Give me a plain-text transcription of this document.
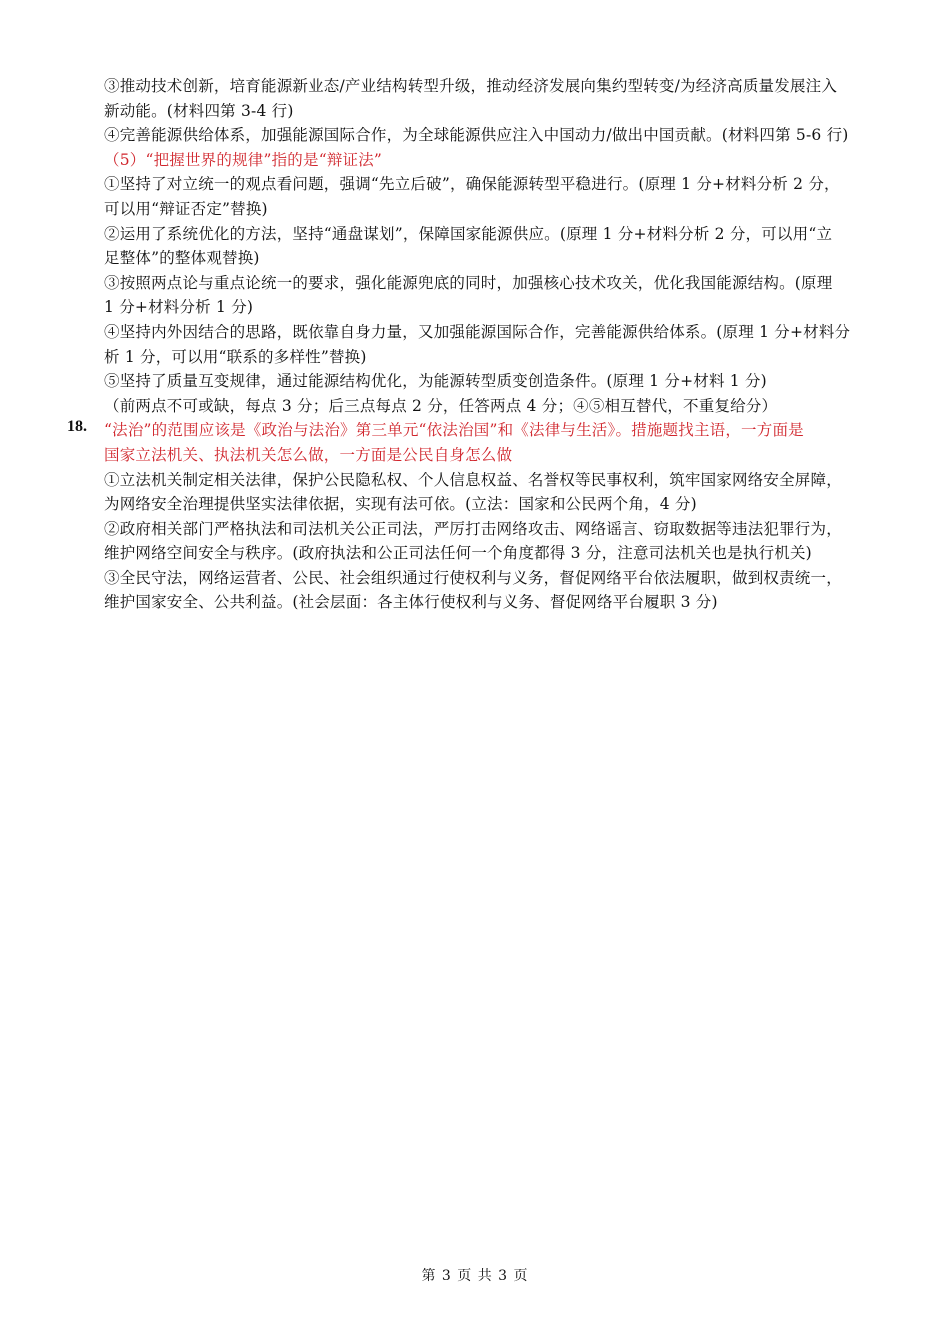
③推动技术创新，培育能源新业态/产业结构转型升级，推动经济发展向集约型转变/为经济高质量发展注入
新动能。(材料四第 3-4 行)
④完善能源供给体系，加强能源国际合作，为全球能源供应注入中国动力/做出中国贡献。(材料四第 5-6 行)
（5）“把握世界的规律”指的是“辩证法”
①坚持了对立统一的观点看问题，强调“先立后破”，确保能源转型平稳进行。(原理 1 分+材料分析 2 分，
可以用“辩证否定”替换)
②运用了系统优化的方法，坚持“通盘谋划”，保障国家能源供应。(原理 1 分+材料分析 2 分，可以用“立
足整体”的整体观替换)
③按照两点论与重点论统一的要求，强化能源兜底的同时，加强核心技术攻关，优化我国能源结构。(原理
1 分+材料分析 1 分)
④坚持内外因结合的思路，既依靠自身力量，又加强能源国际合作，完善能源供给体系。(原理 1 分+材料分
析 1 分，可以用“联系的多样性”替换)
⑤坚持了质量互变规律，通过能源结构优化，为能源转型质变创造条件。(原理 1 分+材料 1 分)
（前两点不可或缺，每点 3 分；后三点每点 2 分，任答两点 4 分；④⑤相互替代，不重复给分）
18. “法治”的范围应该是《政治与法治》第三单元“依法治国”和《法律与生活》。措施题找主语，一方面是
国家立法机关、执法机关怎么做，一方面是公民自身怎么做
①立法机关制定相关法律，保护公民隐私权、个人信息权益、名誉权等民事权利，筑牢国家网络安全屏障，
为网络安全治理提供坚实法律依据，实现有法可依。(立法：国家和公民两个角，4 分)
②政府相关部门严格执法和司法机关公正司法，严厉打击网络攻击、网络谣言、窃取数据等违法犯罪行为，
维护网络空间安全与秩序。(政府执法和公正司法任何一个角度都得 3 分，注意司法机关也是执行机关)
③全民守法，网络运营者、公民、社会组织通过行使权利与义务，督促网络平台依法履职，做到权责统一，
维护国家安全、公共利益。(社会层面：各主体行使权利与义务、督促网络平台履职 3 分)
第 3 页 共 3 页
